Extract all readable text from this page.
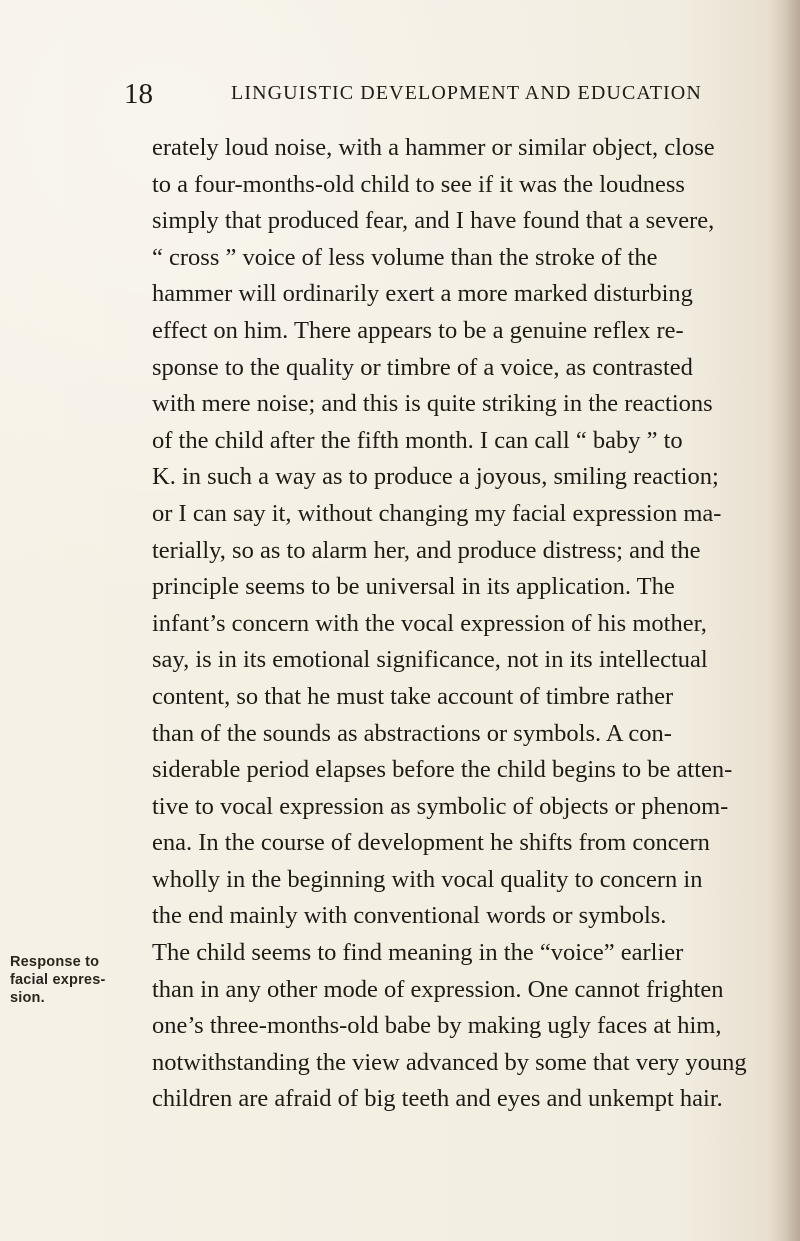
18	LINGUISTIC DEVELOPMENT AND EDUCATION
erately loud noise, with a hammer or similar object, close
to a four-months-old child to see if it was the loudness
simply that produced fear, and I have found that a severe,
“ cross ” voice of less volume than the stroke of the
hammer will ordinarily exert a more marked disturbing
effect on him. There appears to be a genuine reflex re-
sponse to the quality or timbre of a voice, as contrasted
with mere noise; and this is quite striking in the reactions
of the child after the fifth month. I can call “ baby ” to
K. in such a way as to produce a joyous, smiling reaction;
or I can say it, without changing my facial expression ma-
terially, so as to alarm her, and produce distress; and the
principle seems to be universal in its application. The
infant’s concern with the vocal expression of his mother,
say, is in its emotional significance, not in its intellectual
content, so that he must take account of timbre rather
than of the sounds as abstractions or symbols. A con-
siderable period elapses before the child begins to be atten-
tive to vocal expression as symbolic of objects or phenom-
ena. In the course of development he shifts from concern
wholly in the beginning with vocal quality to concern in
the end mainly with conventional words or symbols.
The child seems to find meaning in the “voice” earlier
than in any other mode of expression. One cannot frighten
one’s three-months-old babe by making ugly faces at him,
notwithstanding the view advanced by some that very young
children are afraid of big teeth and eyes and unkempt hair.
Response to
facial expres-
sion.
